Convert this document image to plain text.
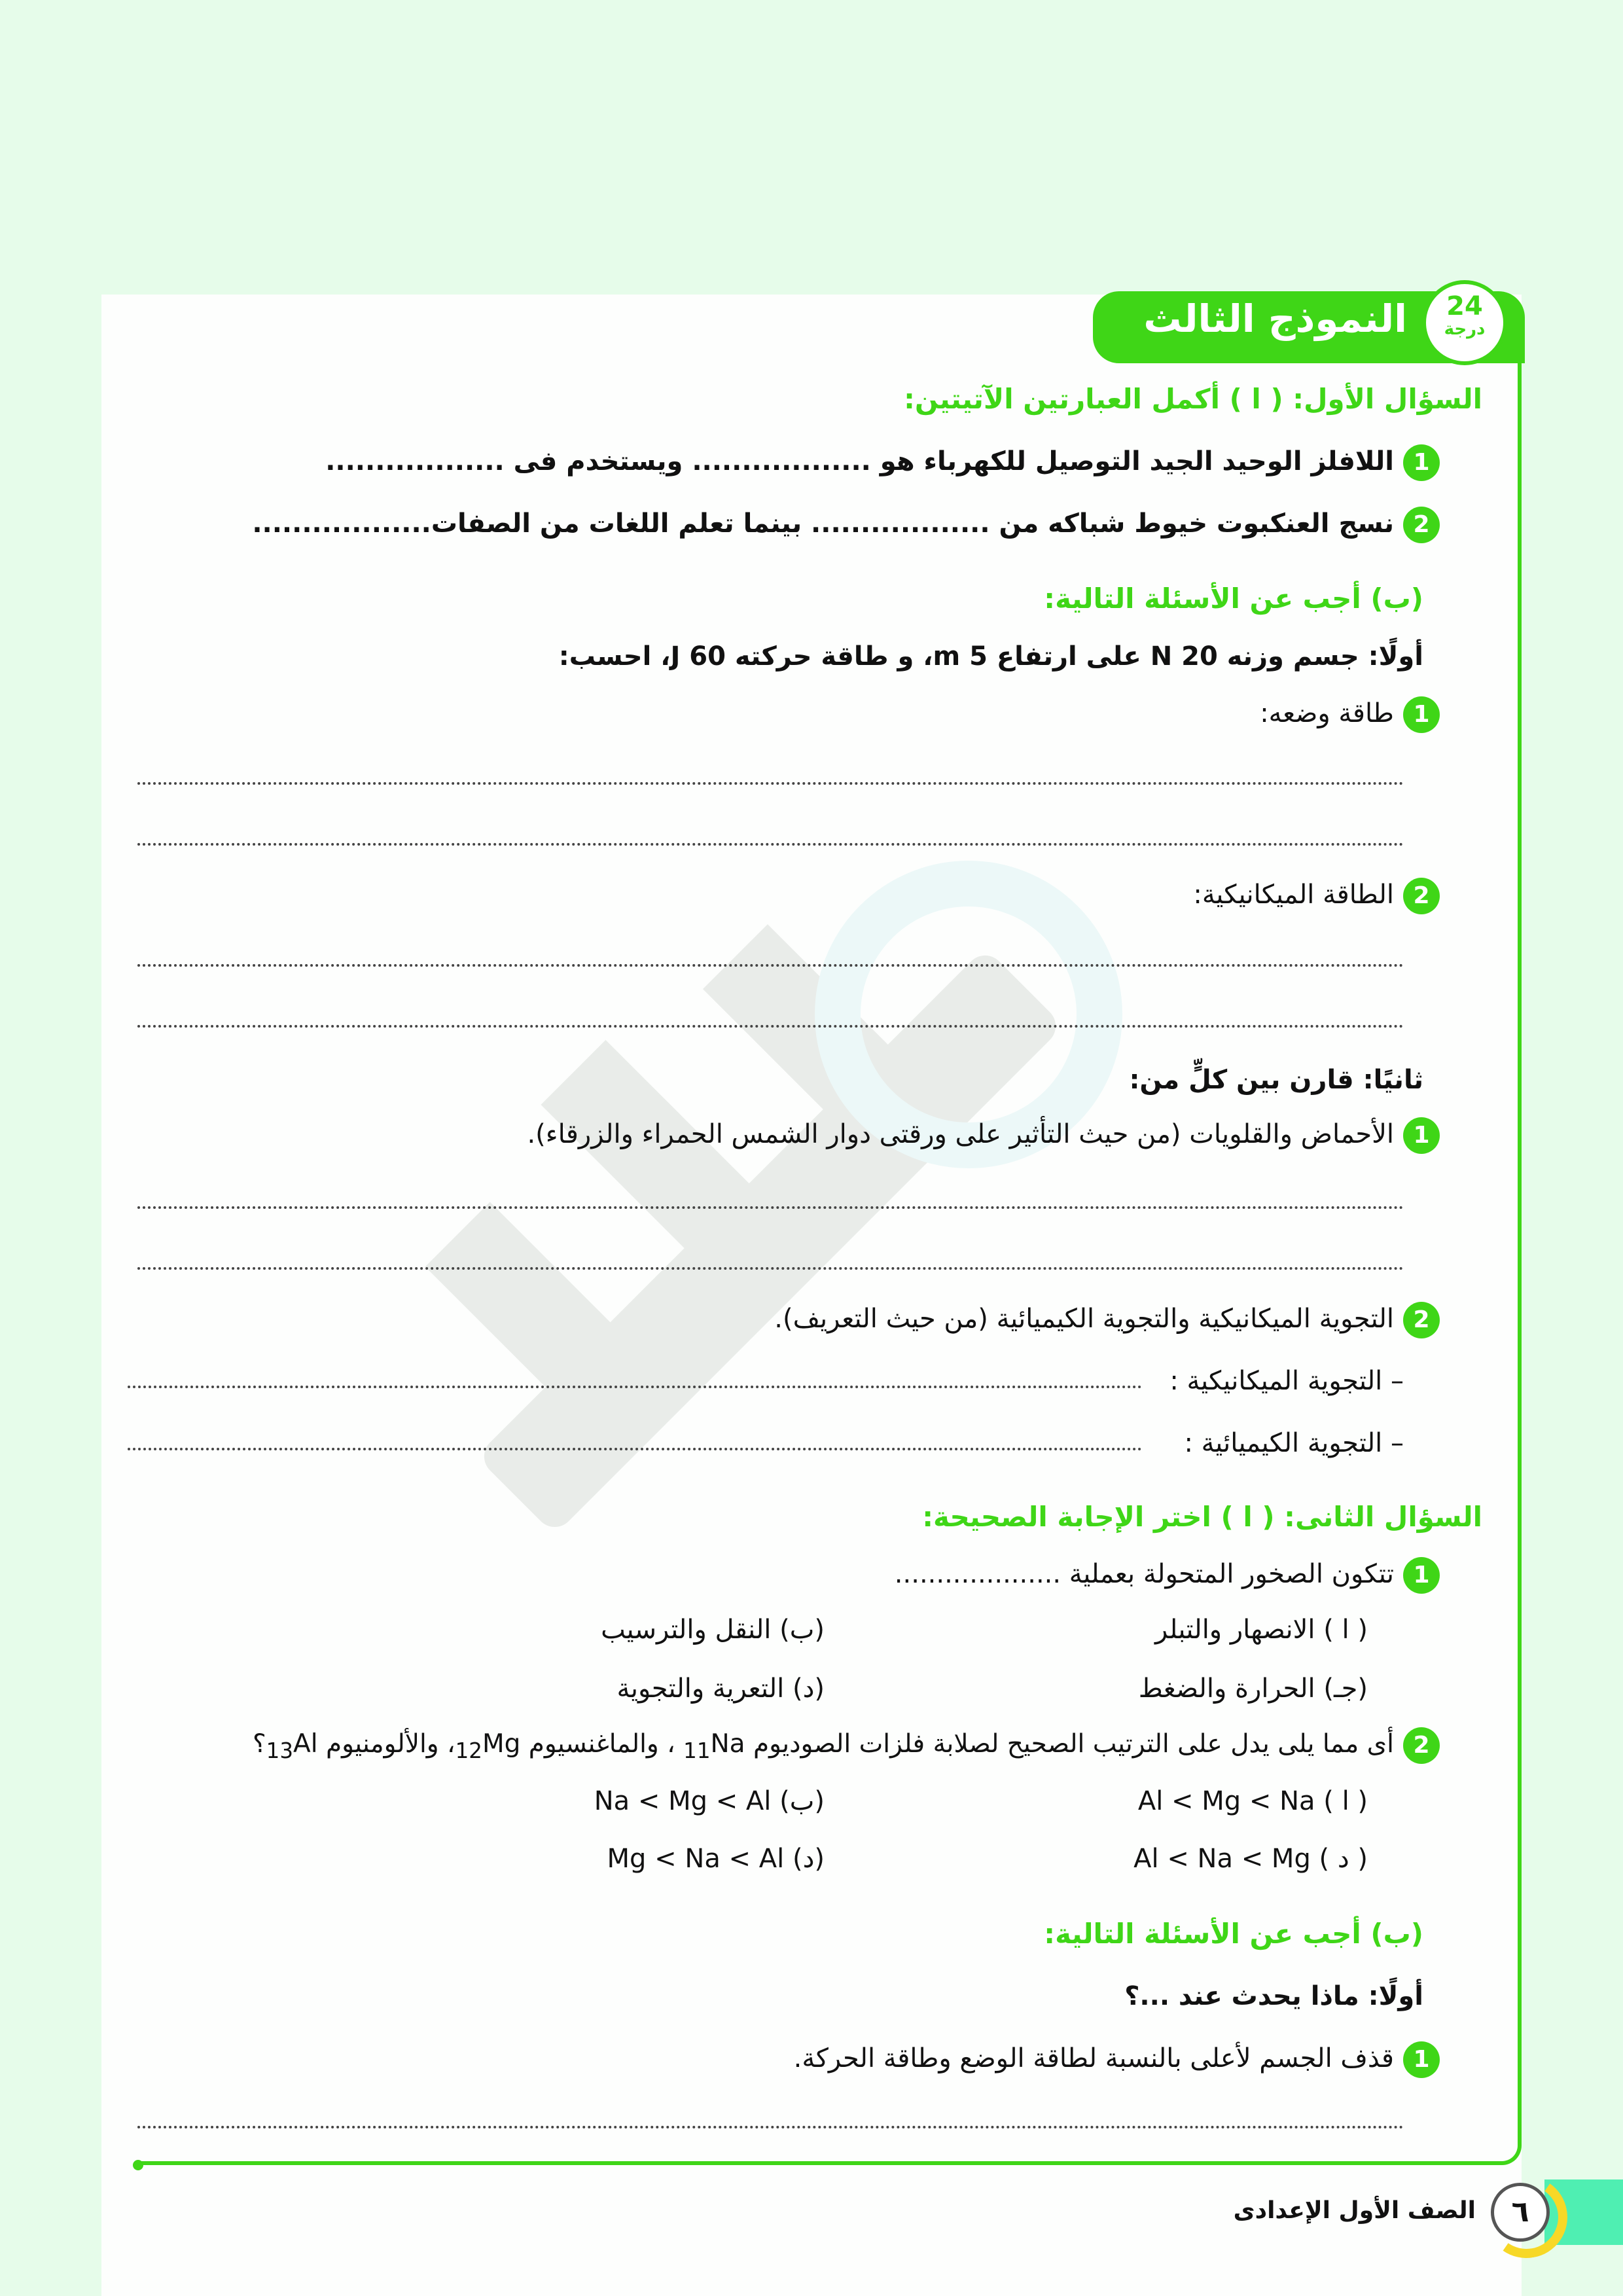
النموذج الثالث	24
درجة
السؤال الأول: ( ا ) أكمل العبارتين الآتيتين:
1اللافلز الوحيد الجيد التوصيل للكهرباء هو .................. ويستخدم فى ..................
2نسج العنكبوت خيوط شباكه من .................. بينما تعلم اللغات من الصفات..................
(ب) أجب عن الأسئلة التالية:
أولًا: جسم وزنه 20 N على ارتفاع 5 m، و طاقة حركته 60 J، احسب:
1طاقة وضعه:
2الطاقة الميكانيكية:
ثانيًا: قارن بين كلٍّ من:
1الأحماض والقلويات (من حيث التأثير على ورقتى دوار الشمس الحمراء والزرقاء).
2التجوية الميكانيكية والتجوية الكيميائية (من حيث التعريف).
– التجوية الميكانيكية :
– التجوية الكيميائية :
السؤال الثانى: ( ا ) اختر الإجابة الصحيحة:
1تتكون الصخور المتحولة بعملية ....................
( ا ) الانصهار والتبلر
(ب) النقل والترسيب
(جـ) الحرارة والضغط
(د) التعرية والتجوية
2أى مما يلى يدل على الترتيب الصحيح لصلابة فلزات الصوديوم $_{11}$Na ، والماغنسيوم $_{12}$Mg، والألومنيوم $_{13}$Al؟
( ا ) Al < Mg < Na
(ب) Na < Mg < Al
( د ) Al < Na < Mg
(د) Mg < Na < Al
(ب) أجب عن الأسئلة التالية:
أولًا: ماذا يحدث عند ...؟
1قذف الجسم لأعلى بالنسبة لطاقة الوضع وطاقة الحركة.
٦
الصف الأول الإعدادى
